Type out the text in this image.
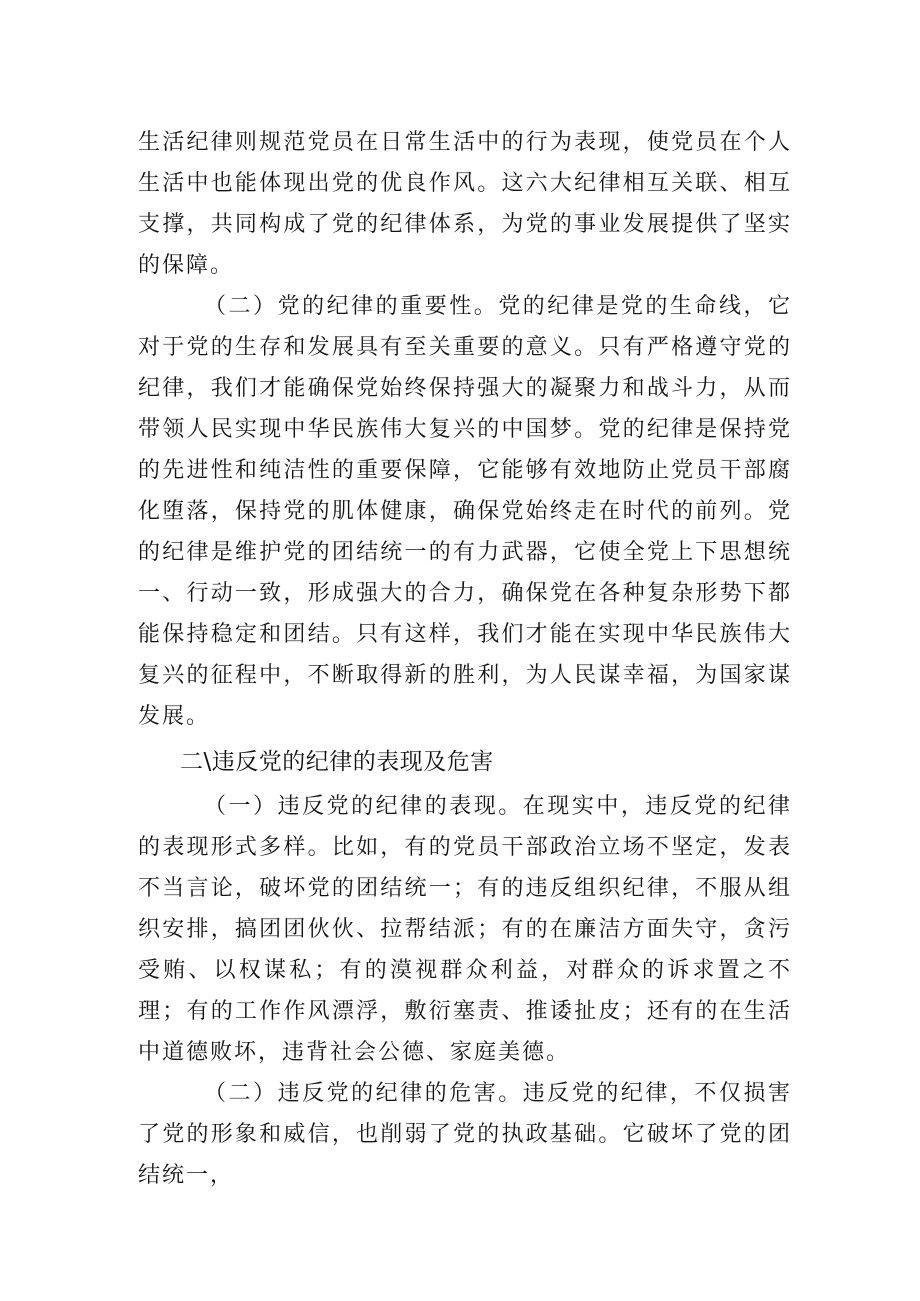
生活纪律则规范党员在日常生活中的行为表现，使党员在个人生活中也能体现出党的优良作风。这六大纪律相互关联、相互支撑，共同构成了党的纪律体系，为党的事业发展提供了坚实的保障。

（二）党的纪律的重要性。党的纪律是党的生命线，它对于党的生存和发展具有至关重要的意义。只有严格遵守党的纪律，我们才能确保党始终保持强大的凝聚力和战斗力，从而带领人民实现中华民族伟大复兴的中国梦。党的纪律是保持党的先进性和纯洁性的重要保障，它能够有效地防止党员干部腐化堕落，保持党的肌体健康，确保党始终走在时代的前列。党的纪律是维护党的团结统一的有力武器，它使全党上下思想统一、行动一致，形成强大的合力，确保党在各种复杂形势下都能保持稳定和团结。只有这样，我们才能在实现中华民族伟大复兴的征程中，不断取得新的胜利，为人民谋幸福，为国家谋发展。

二\违反党的纪律的表现及危害

（一）违反党的纪律的表现。在现实中，违反党的纪律的表现形式多样。比如，有的党员干部政治立场不坚定，发表不当言论，破坏党的团结统一；有的违反组织纪律，不服从组织安排，搞团团伙伙、拉帮结派；有的在廉洁方面失守，贪污受贿、以权谋私；有的漠视群众利益，对群众的诉求置之不理；有的工作作风漂浮，敷衍塞责、推诿扯皮；还有的在生活中道德败坏，违背社会公德、家庭美德。

（二）违反党的纪律的危害。违反党的纪律，不仅损害了党的形象和威信，也削弱了党的执政基础。它破坏了党的团结统一，
